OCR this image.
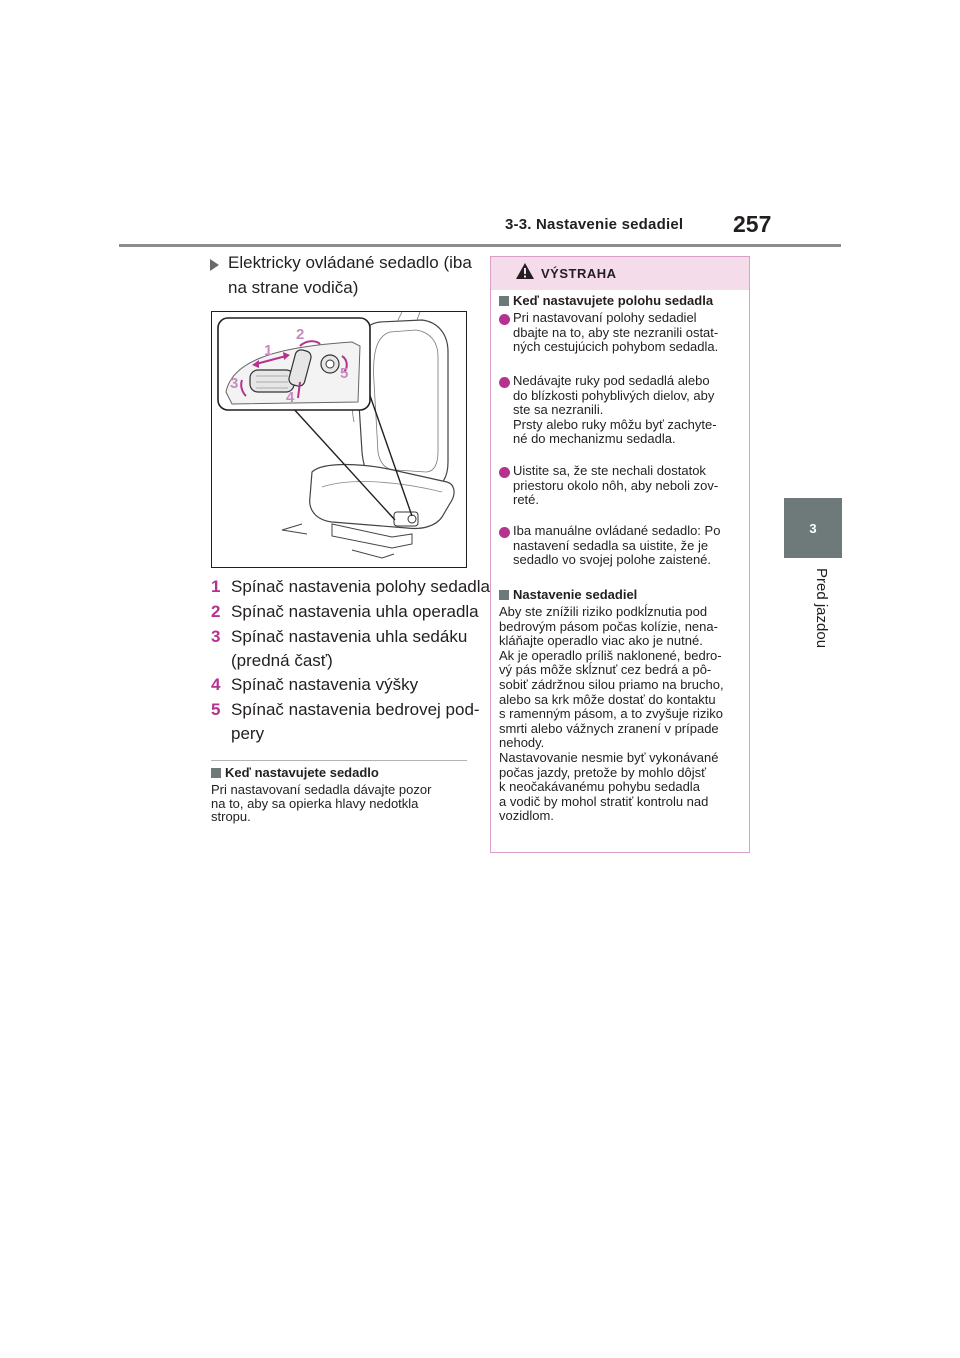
3-3. Nastavenie sedadiel 257
3
Pred jazdou
Elektricky ovládané sedadlo (iba
na strane vodiča)
1
2
3
4
5
1 Spínač nastavenia polohy sedadla
2 Spínač nastavenia uhla operadla
3 Spínač nastavenia uhla sedáku
(predná časť)
4 Spínač nastavenia výšky
5 Spínač nastavenia bedrovej pod-
pery
Keď nastavujete sedadlo
Pri nastavovaní sedadla dávajte pozor
na to, aby sa opierka hlavy nedotkla
stropu.
VÝSTRAHA
Keď nastavujete polohu sedadla
Pri nastavovaní polohy sedadiel
dbajte na to, aby ste nezranili ostat-
ných cestujúcich pohybom sedadla.
Nedávajte ruky pod sedadlá alebo
do blízkosti pohyblivých dielov, aby
ste sa nezranili.
Prsty alebo ruky môžu byť zachyte-
né do mechanizmu sedadla.
Uistite sa, že ste nechali dostatok
priestoru okolo nôh, aby neboli zov-
reté.
Iba manuálne ovládané sedadlo: Po
nastavení sedadla sa uistite, že je
sedadlo vo svojej polohe zaistené.
Nastavenie sedadiel
Aby ste znížili riziko podkĺznutia pod
bedrovým pásom počas kolízie, nena-
kláňajte operadlo viac ako je nutné.
Ak je operadlo príliš naklonené, bedro-
vý pás môže skĺznuť cez bedrá a pô-
sobiť zádržnou silou priamo na brucho,
alebo sa krk môže dostať do kontaktu
s ramenným pásom, a to zvyšuje riziko
smrti alebo vážnych zranení v prípade
nehody.
Nastavovanie nesmie byť vykonávané
počas jazdy, pretože by mohlo dôjsť
k neočakávanému pohybu sedadla
a vodič by mohol stratiť kontrolu nad
vozidlom.
